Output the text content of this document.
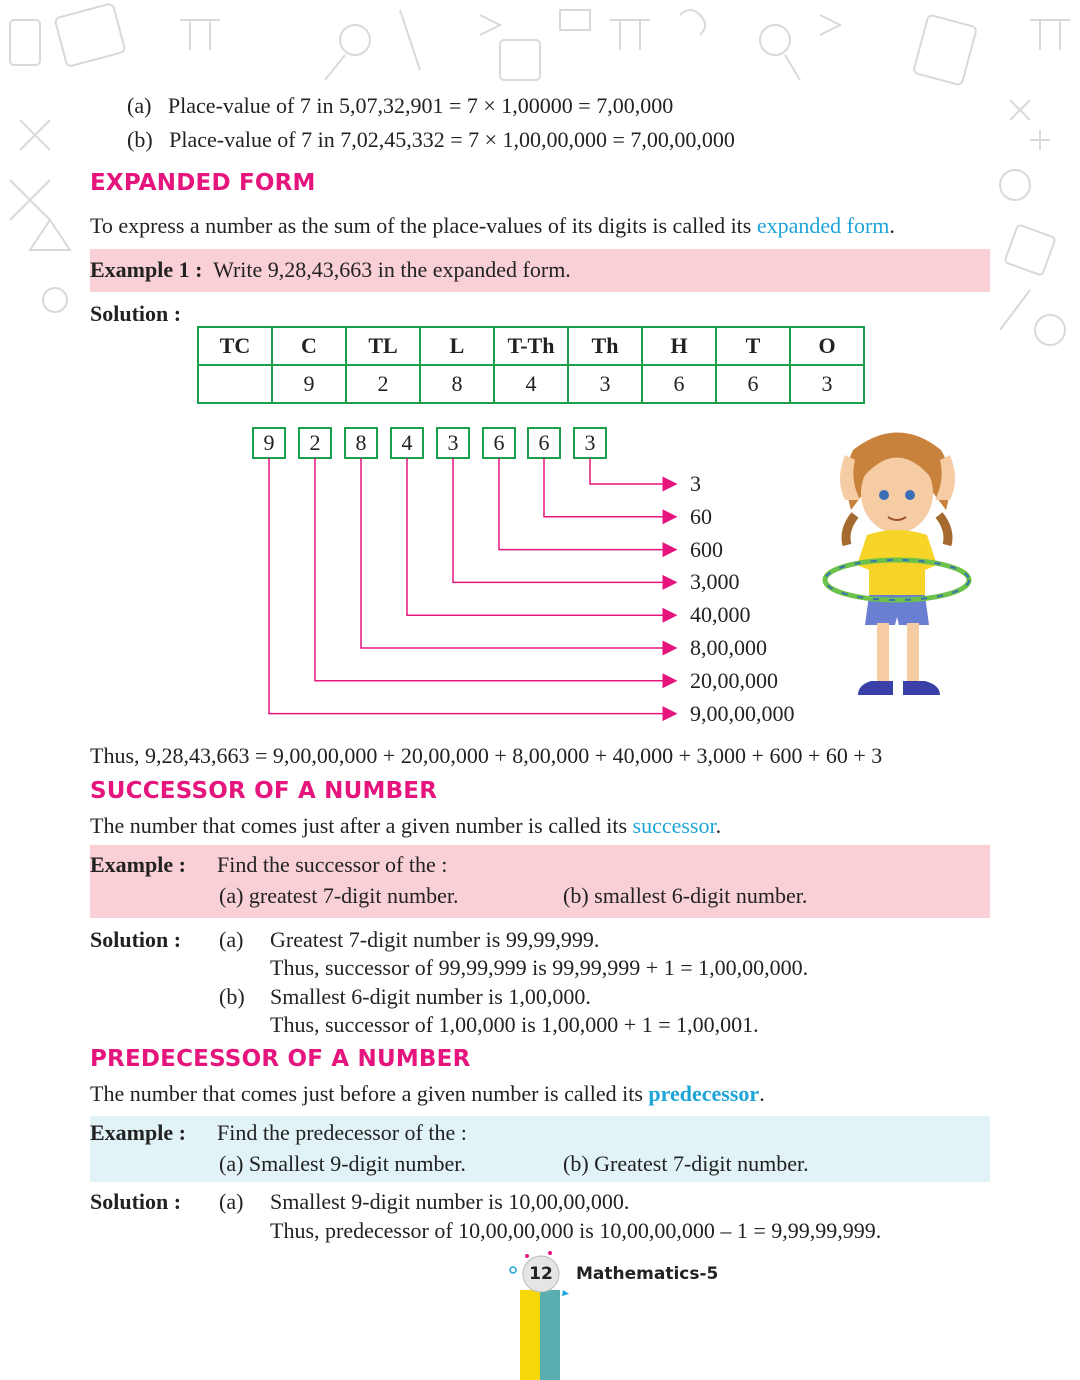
(a) Place-value of 7 in 5,07,32,901 = 7 × 1,00000 = 7,00,000
(b) Place-value of 7 in 7,02,45,332 = 7 × 1,00,00,000 = 7,00,00,000
EXPANDED FORM
To express a number as the sum of the place-values of its digits is called its expanded form.
Example 1 : Write 9,28,43,663 in the expanded form.
Solution :
TC	C	TL	L	T-Th	Th	H	T	O
	9	2	8	4	3	6	6	3
9	2	8	4	3	6	6	3
3
60
600
3,000
40,000
8,00,000
20,00,000
9,00,00,000
Thus, 9,28,43,663 = 9,00,00,000 + 20,00,000 + 8,00,000 + 40,000 + 3,000 + 600 + 60 + 3
SUCCESSOR OF A NUMBER
The number that comes just after a given number is called its successor.
Example : Find the successor of the :
(a) greatest 7-digit number.	(b) smallest 6-digit number.
Solution : (a) Greatest 7-digit number is 99,99,999.
Thus, successor of 99,99,999 is 99,99,999 + 1 = 1,00,00,000.
(b) Smallest 6-digit number is 1,00,000.
Thus, successor of 1,00,000 is 1,00,000 + 1 = 1,00,001.
PREDECESSOR OF A NUMBER
The number that comes just before a given number is called its predecessor.
Example : Find the predecessor of the :
(a) Smallest 9-digit number.	(b) Greatest 7-digit number.
Solution : (a) Smallest 9-digit number is 10,00,00,000.
Thus, predecessor of 10,00,00,000 is 10,00,00,000 – 1 = 9,99,99,999.
12 Mathematics-5
